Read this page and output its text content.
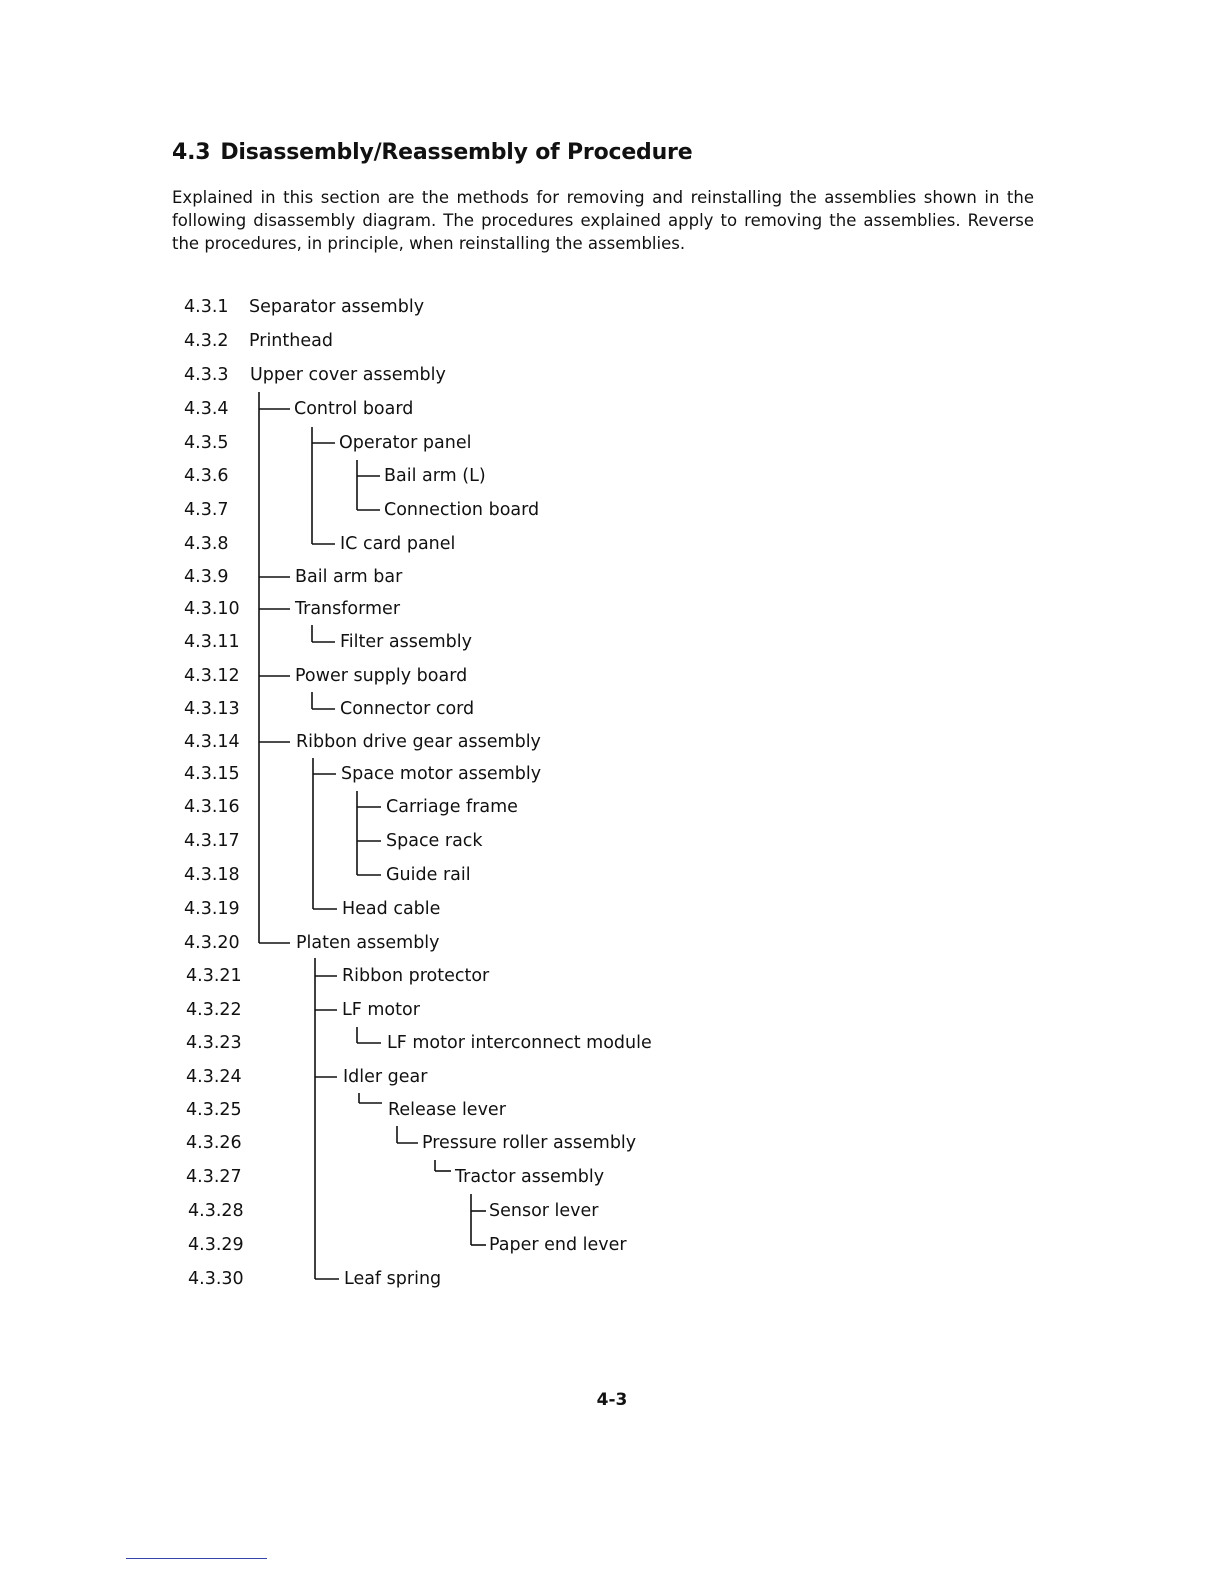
4.3 Disassembly/Reassembly of Procedure

Explained in this section are the methods for removing and reinstalling the assemblies shown in the following disassembly diagram. The procedures explained apply to removing the assemblies. Reverse the procedures, in principle, when reinstalling the assemblies.

4.3.1 Separator assembly
4.3.2 Printhead
4.3.3 Upper cover assembly
4.3.4	Control board
4.3.5	Operator panel
4.3.6	Bail arm (L)
4.3.7	Connection board
4.3.8	IC card panel
4.3.9	Bail arm bar
4.3.10	Transformer
4.3.11	Filter assembly
4.3.12	Power supply board
4.3.13	Connector cord
4.3.14	Ribbon drive gear assembly
4.3.15	Space motor assembly
4.3.16	Carriage frame
4.3.17	Space rack
4.3.18	Guide rail
4.3.19	Head cable
4.3.20	Platen assembly
4.3.21	Ribbon protector
4.3.22	LF motor
4.3.23	LF motor interconnect module
4.3.24	Idler gear
4.3.25	Release lever
4.3.26	Pressure roller assembly
4.3.27	Tractor assembly
4.3.28	Sensor lever
4.3.29	Paper end lever
4.3.30	Leaf spring
4-3
